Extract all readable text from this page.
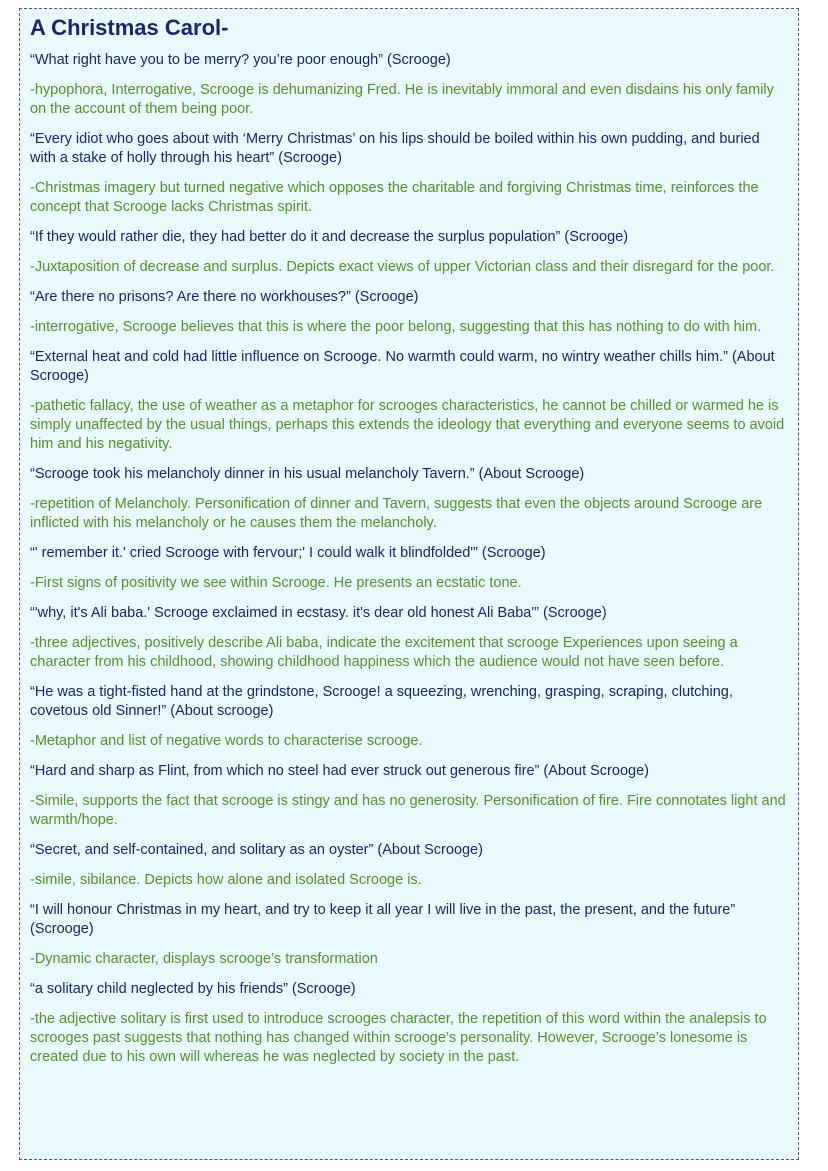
A Christmas Carol-

“What right have you to be merry? you’re poor enough” (Scrooge)

-hypophora, Interrogative, Scrooge is dehumanizing Fred. He is inevitably immoral and even disdains his only family on the account of them being poor.

“Every idiot who goes about with ‘Merry Christmas’ on his lips should be boiled within his own pudding, and buried with a stake of holly through his heart” (Scrooge)

-Christmas imagery but turned negative which opposes the charitable and forgiving Christmas time, reinforces the concept that Scrooge lacks Christmas spirit.

“If they would rather die, they had better do it and decrease the surplus population” (Scrooge)

-Juxtaposition of decrease and surplus. Depicts exact views of upper Victorian class and their disregard for the poor.

“Are there no prisons? Are there no workhouses?” (Scrooge)

-interrogative, Scrooge believes that this is where the poor belong, suggesting that this has nothing to do with him.

“External heat and cold had little influence on Scrooge. No warmth could warm, no wintry weather chills him.” (About Scrooge)

-pathetic fallacy, the use of weather as a metaphor for scrooges characteristics, he cannot be chilled or warmed he is simply unaffected by the usual things, perhaps this extends the ideology that everything and everyone seems to avoid him and his negativity.

“Scrooge took his melancholy dinner in his usual melancholy Tavern.” (About Scrooge)

-repetition of Melancholy. Personification of dinner and Tavern, suggests that even the objects around Scrooge are inflicted with his melancholy or he causes them the melancholy.

“' remember it.' cried Scrooge with fervour;' I could walk it blindfolded'” (Scrooge)

-First signs of positivity we see within Scrooge. He presents an ecstatic tone.

“'why, it's Ali baba.' Scrooge exclaimed in ecstasy. it's dear old honest Ali Baba'” (Scrooge)

-three adjectives, positively describe Ali baba, indicate the excitement that scrooge Experiences upon seeing a character from his childhood, showing childhood happiness which the audience would not have seen before.

“He was a tight-fisted hand at the grindstone, Scrooge! a squeezing, wrenching, grasping, scraping, clutching, covetous old Sinner!” (About scrooge)

-Metaphor and list of negative words to characterise scrooge.

“Hard and sharp as Flint, from which no steel had ever struck out generous fire” (About Scrooge)

-Simile, supports the fact that scrooge is stingy and has no generosity. Personification of fire. Fire connotates light and warmth/hope.

“Secret, and self-contained, and solitary as an oyster” (About Scrooge)

-simile, sibilance. Depicts how alone and isolated Scrooge is.

“I will honour Christmas in my heart, and try to keep it all year I will live in the past, the present, and the future” (Scrooge)

-Dynamic character, displays scrooge’s transformation

“a solitary child neglected by his friends” (Scrooge)

-the adjective solitary is first used to introduce scrooges character, the repetition of this word within the analepsis to scrooges past suggests that nothing has changed within scrooge’s personality. However, Scrooge’s lonesome is created due to his own will whereas he was neglected by society in the past.
